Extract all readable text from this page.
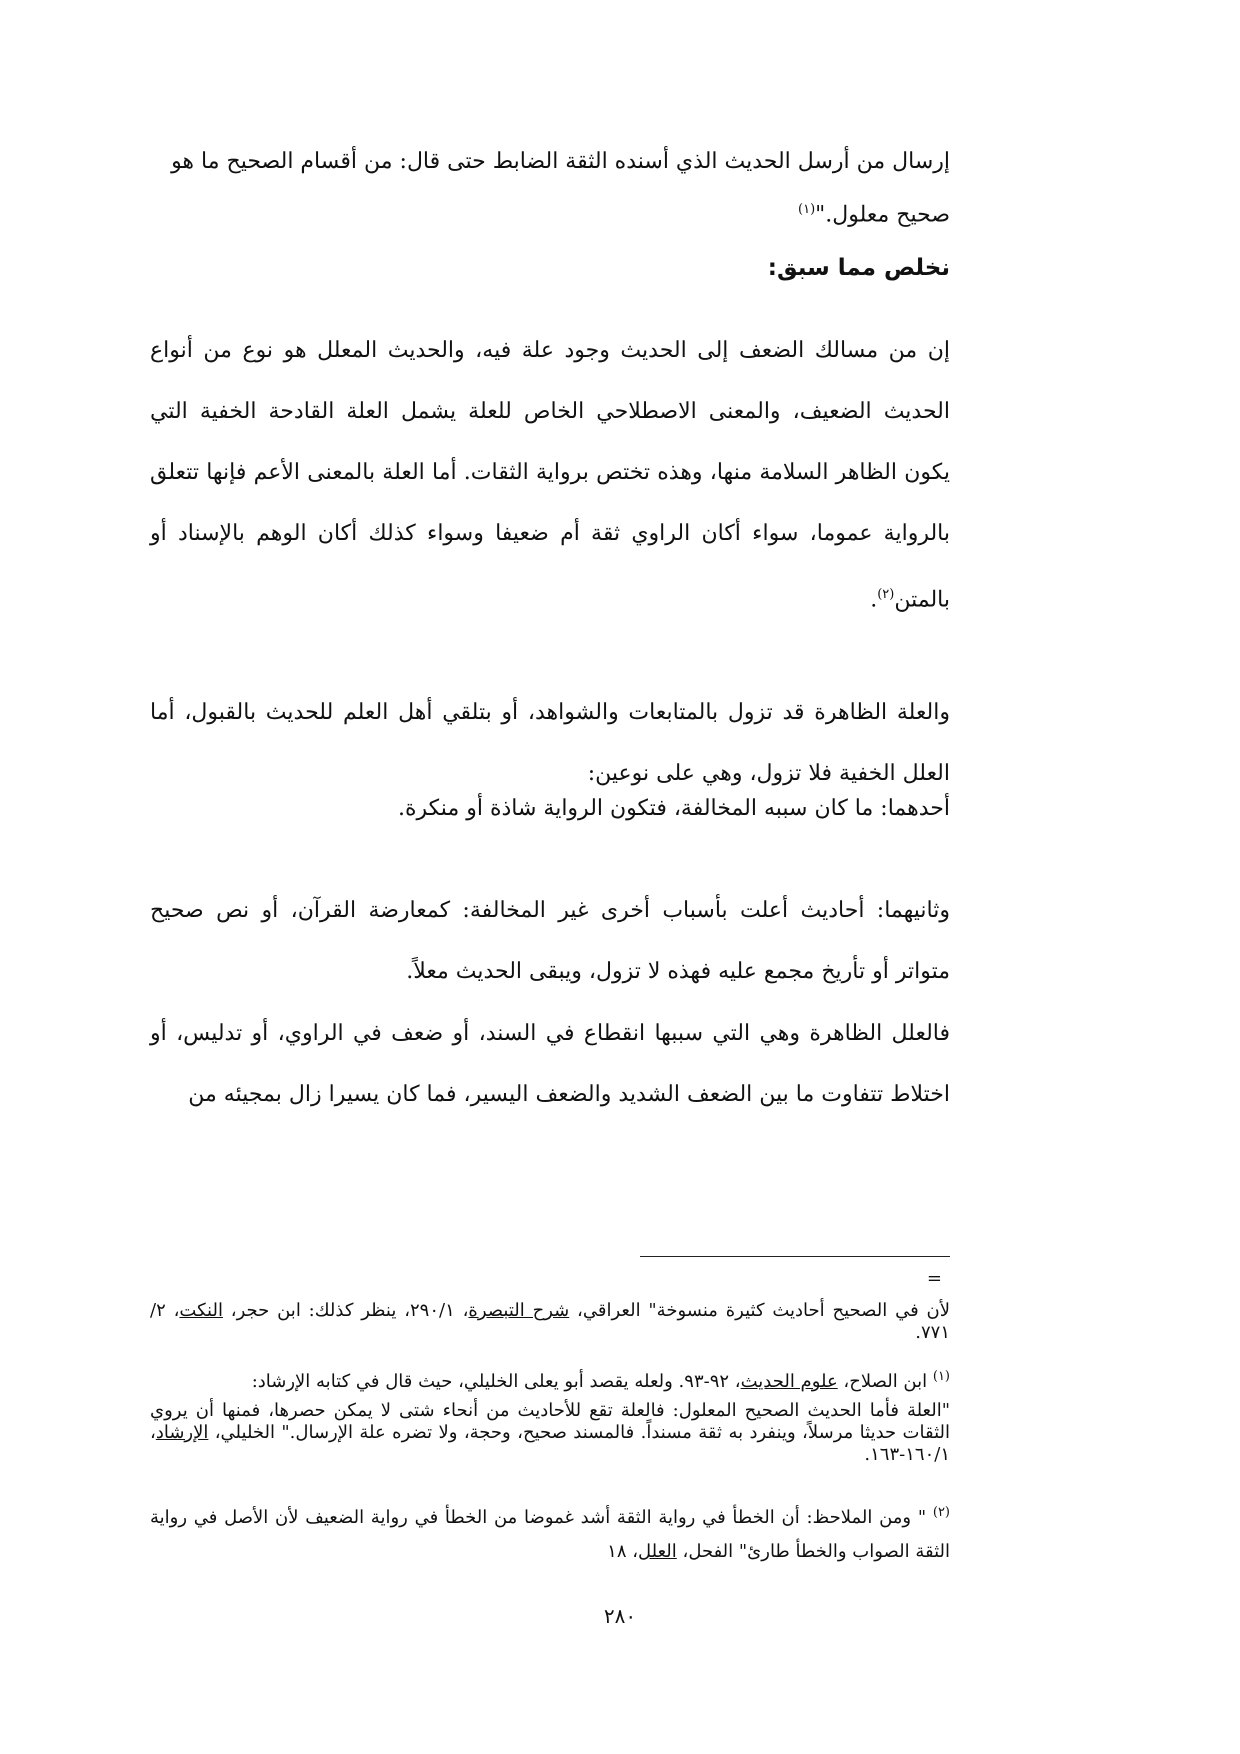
إرسال من أرسل الحديث الذي أسنده الثقة الضابط حتى قال: من أقسام الصحيح ما هو
صحيح معلول."$^{(١)}$
نخلص مما سبق:

إن من مسالك الضعف إلى الحديث وجود علة فيه، والحديث المعلل هو نوع من أنواع الحديث الضعيف، والمعنى الاصطلاحي الخاص للعلة يشمل العلة القادحة الخفية التي يكون الظاهر السلامة منها، وهذه تختص برواية الثقات. أما العلة بالمعنى الأعم فإنها تتعلق بالرواية عموما، سواء أكان الراوي ثقة أم ضعيفا وسواء كذلك أكان الوهم بالإسناد أو بالمتن$^{(٢)}$.

والعلة الظاهرة قد تزول بالمتابعات والشواهد، أو بتلقي أهل العلم للحديث بالقبول، أما العلل الخفية فلا تزول، وهي على نوعين:

أحدهما: ما كان سببه المخالفة، فتكون الرواية شاذة أو منكرة.

وثانيهما: أحاديث أعلت بأسباب أخرى غير المخالفة: كمعارضة القرآن، أو نص صحيح متواتر أو تأريخ مجمع عليه فهذه لا تزول، ويبقى الحديث معلاً.

فالعلل الظاهرة وهي التي سببها انقطاع في السند، أو ضعف في الراوي، أو تدليس، أو اختلاط تتفاوت ما بين الضعف الشديد والضعف اليسير، فما كان يسيرا زال بمجيئه من

=

لأن في الصحيح أحاديث كثيرة منسوخة" العراقي، شرح التبصرة، ٢٩٠/١، ينظر كذلك: ابن حجر، النكت، ٢/ ٧٧١.

$^{(١)}$ ابن الصلاح، علوم الحديث، ٩٢-٩٣. ولعله يقصد أبو يعلى الخليلي، حيث قال في كتابه الإرشاد:

"العلة فأما الحديث الصحيح المعلول: فالعلة تقع للأحاديث من أنحاء شتى لا يمكن حصرها، فمنها أن يروي الثقات حديثا مرسلاً، وينفرد به ثقة مسنداً. فالمسند صحيح، وحجة، ولا تضره علة الإرسال." الخليلي، الإرشاد، ١٦٠/١-١٦٣.

$^{(٢)}$ " ومن الملاحظ: أن الخطأ في رواية الثقة أشد غموضا من الخطأ في رواية الضعيف لأن الأصل في رواية الثقة الصواب والخطأ طارئ" الفحل، العلل، ١٨

٢٨٠
